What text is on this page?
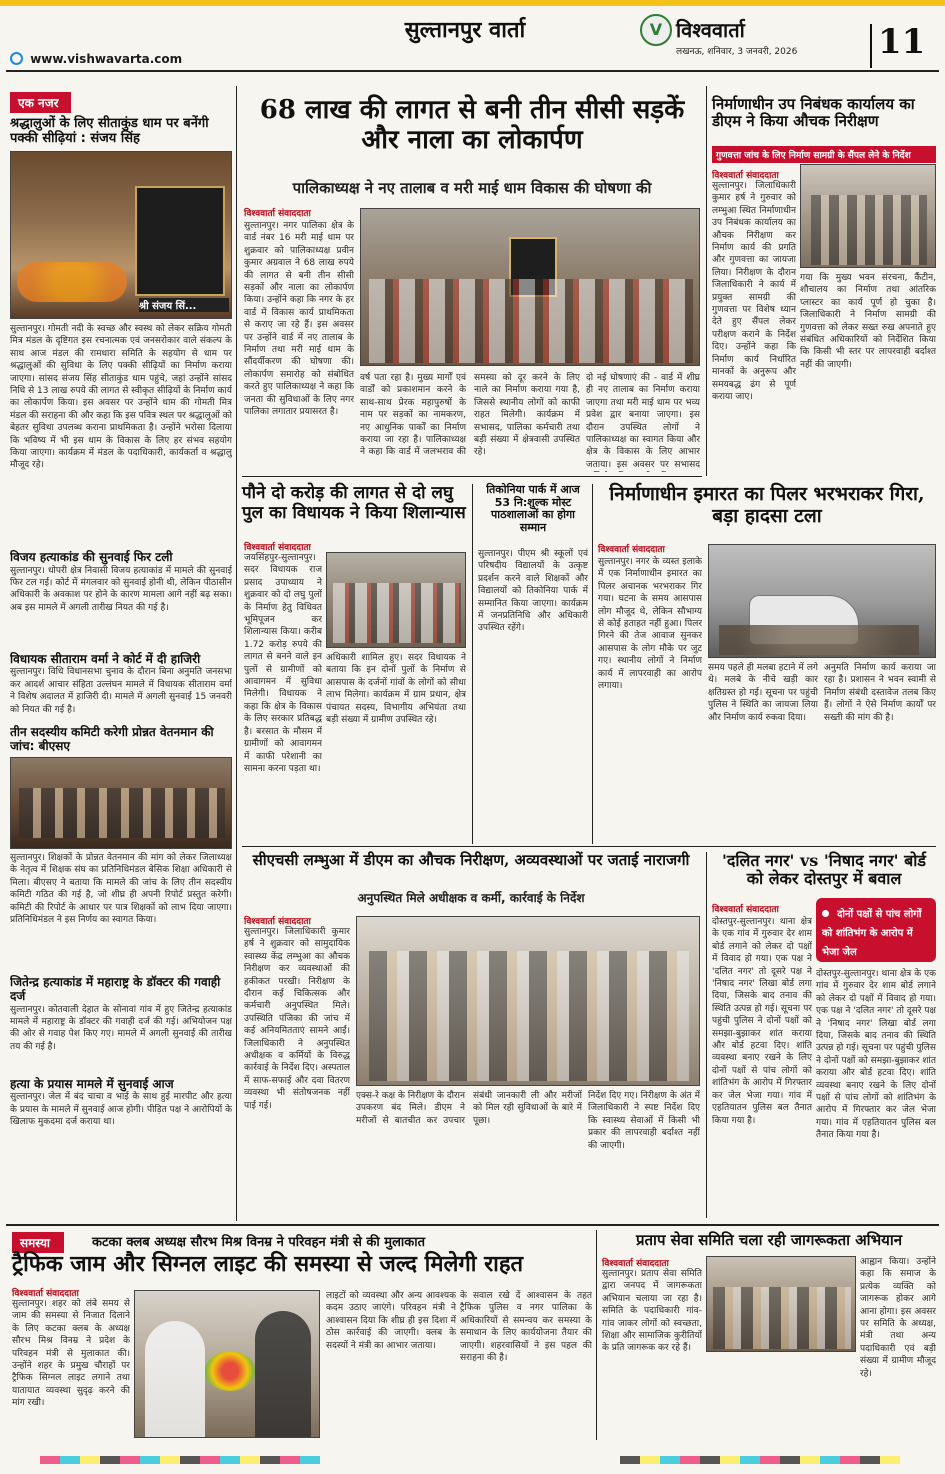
सुल्तानपुर वार्ता
www.vishwavarta.com
V विश्ववार्ता
लखनऊ, शनिवार, 3 जनवरी, 2026 11
एक नजर
श्रद्धालुओं के लिए सीताकुंड धाम पर बनेंगी पक्की सीढ़ियां : संजय सिंह
श्री संजय सिं...
सुल्तानपुर। गोमती नदी के स्वच्छ और स्वस्थ को लेकर सक्रिय गोमती मित्र मंडल के दृष्टिगत इस रचनात्मक एवं जनसरोकार वाले संकल्प के साथ आज मंडल की रामधारा समिति के सहयोग से धाम पर श्रद्धालुओं की सुविधा के लिए पक्की सीढ़ियों का निर्माण कराया जाएगा। सांसद संजय सिंह सीताकुंड धाम पहुंचे, जहां उन्होंने सांसद निधि से 13 लाख रुपये की लागत से स्वीकृत सीढ़ियों के निर्माण कार्य का लोकार्पण किया। इस अवसर पर उन्होंने धाम की गोमती मित्र मंडल की सराहना की और कहा कि इस पवित्र स्थल पर श्रद्धालुओं को बेहतर सुविधा उपलब्ध कराना प्राथमिकता है। उन्होंने भरोसा दिलाया कि भविष्य में भी इस धाम के विकास के लिए हर संभव सहयोग किया जाएगा। कार्यक्रम में मंडल के पदाधिकारी, कार्यकर्ता व श्रद्धालु मौजूद रहे।
विजय हत्याकांड की सुनवाई फिर टली
सुल्तानपुर। धोपरी क्षेत्र निवासी विजय हत्याकांड में मामले की सुनवाई फिर टल गई। कोर्ट में मंगलवार को सुनवाई होनी थी, लेकिन पीठासीन अधिकारी के अवकाश पर होने के कारण मामला आगे नहीं बढ़ सका। अब इस मामले में अगली तारीख नियत की गई है।
विधायक सीताराम वर्मा ने कोर्ट में दी हाजिरी
सुल्तानपुर। विधि विधानसभा चुनाव के दौरान बिना अनुमति जनसभा कर आदर्श आचार संहिता उल्लंघन मामले में विधायक सीताराम वर्मा ने विशेष अदालत में हाजिरी दी। मामले में अगली सुनवाई 15 जनवरी को नियत की गई है।
तीन सदस्यीय कमिटी करेगी प्रोन्नत वेतनमान की जांच: बीएसए
सुल्तानपुर। शिक्षकों के प्रोन्नत वेतनमान की मांग को लेकर जिलाध्यक्ष के नेतृत्व में शिक्षक संघ का प्रतिनिधिमंडल बेसिक शिक्षा अधिकारी से मिला। बीएसए ने बताया कि मामले की जांच के लिए तीन सदस्यीय कमिटी गठित की गई है, जो शीघ्र ही अपनी रिपोर्ट प्रस्तुत करेगी। कमिटी की रिपोर्ट के आधार पर पात्र शिक्षकों को लाभ दिया जाएगा। प्रतिनिधिमंडल ने इस निर्णय का स्वागत किया।
जितेन्द्र हत्याकांड में महाराष्ट्र के डॉक्टर की गवाही दर्ज
सुल्तानपुर। कोतवाली देहात के सोनावां गांव में हुए जितेन्द्र हत्याकांड मामले में महाराष्ट्र के डॉक्टर की गवाही दर्ज की गई। अभियोजन पक्ष की ओर से गवाह पेश किए गए। मामले में अगली सुनवाई की तारीख तय की गई है।
हत्या के प्रयास मामले में सुनवाई आज
सुल्तानपुर। जेल में बंद चाचा व भाई के साथ हुई मारपीट और हत्या के प्रयास के मामले में सुनवाई आज होगी। पीड़ित पक्ष ने आरोपियों के खिलाफ मुकदमा दर्ज कराया था।
68 लाख की लागत से बनी तीन सीसी सड़कें और नाला का लोकार्पण
पालिकाध्यक्ष ने नए तालाब व मरी माई धाम विकास की घोषणा की
विश्ववार्ता संवाददाता
सुल्तानपुर। नगर पालिका क्षेत्र के वार्ड नंबर 16 मरी माई धाम पर शुक्रवार को पालिकाध्यक्ष प्रवीन कुमार अग्रवाल ने 68 लाख रुपये की लागत से बनी तीन सीसी सड़कों और नाला का लोकार्पण किया। उन्होंने कहा कि नगर के हर वार्ड में विकास कार्य प्राथमिकता से कराए जा रहे हैं। इस अवसर पर उन्होंने वार्ड में नए तालाब के निर्माण तथा मरी माई धाम के सौंदर्यीकरण की घोषणा की। लोकार्पण समारोह को संबोधित करते हुए पालिकाध्यक्ष ने कहा कि जनता की सुविधाओं के लिए नगर पालिका लगातार प्रयासरत है।
वर्ष पता रहा है। मुख्य मार्गों एवं वार्डों को प्रकाशमान करने के साथ-साथ प्रेरक महापुरुषों के नाम पर सड़कों का नामकरण, नए आधुनिक पार्कों का निर्माण कराया जा रहा है। पालिकाध्यक्ष ने कहा कि वार्ड में जलभराव की समस्या को दूर करने के लिए नाले का निर्माण कराया गया है, जिससे स्थानीय लोगों को काफी राहत मिलेगी। कार्यक्रम में सभासद, पालिका कर्मचारी तथा बड़ी संख्या में क्षेत्रवासी उपस्थित रहे।
दो नई घोषणाएं की - वार्ड में शीघ्र ही नए तालाब का निर्माण कराया जाएगा तथा मरी माई धाम पर भव्य प्रवेश द्वार बनाया जाएगा। इस दौरान उपस्थित लोगों ने पालिकाध्यक्ष का स्वागत किया और क्षेत्र के विकास के लिए आभार जताया। इस अवसर पर सभासद
निर्माणाधीन उप निबंधक कार्यालय का डीएम ने किया औचक निरीक्षण
गुणवत्ता जांच के लिए निर्माण सामग्री के सैंपल लेने के निर्देश
विश्ववार्ता संवाददाता
सुल्तानपुर। जिलाधिकारी कुमार हर्ष ने गुरुवार को लम्भुआ स्थित निर्माणाधीन उप निबंधक कार्यालय का औचक निरीक्षण कर निर्माण कार्य की प्रगति और गुणवत्ता का जायजा लिया। निरीक्षण के दौरान जिलाधिकारी ने कार्य में प्रयुक्त सामग्री की गुणवत्ता पर विशेष ध्यान देते हुए सैंपल लेकर परीक्षण कराने के निर्देश दिए। उन्होंने कहा कि निर्माण कार्य निर्धारित मानकों के अनुरूप और समयबद्ध ढंग से पूर्ण कराया जाए।
गया कि मुख्य भवन संरचना, कैंटीन, शौचालय का निर्माण तथा आंतरिक प्लास्टर का कार्य पूर्ण हो चुका है। जिलाधिकारी ने निर्माण सामग्री की गुणवत्ता को लेकर सख्त रुख अपनाते हुए संबंधित अधिकारियों को निर्देशित किया कि किसी भी स्तर पर लापरवाही बर्दाश्त नहीं की जाएगी।
पौने दो करोड़ की लागत से दो लघु पुल का विधायक ने किया शिलान्यास
विश्ववार्ता संवाददाता
जयसिंहपुर-सुल्तानपुर। सदर विधायक राज प्रसाद उपाध्याय ने शुक्रवार को दो लघु पुलों के निर्माण हेतु विधिवत भूमिपूजन कर शिलान्यास किया। करीब 1.72 करोड़ रुपये की लागत से बनने वाले इन पुलों से ग्रामीणों को आवागमन में सुविधा मिलेगी। विधायक ने कहा कि क्षेत्र के विकास के लिए सरकार प्रतिबद्ध है। बरसात के मौसम में ग्रामीणों को आवागमन में काफी परेशानी का सामना करना पड़ता था।
अधिकारी शामिल हुए। सदर विधायक ने बताया कि इन दोनों पुलों के निर्माण से आसपास के दर्जनों गांवों के लोगों को सीधा लाभ मिलेगा। कार्यक्रम में ग्राम प्रधान, क्षेत्र पंचायत सदस्य, विभागीय अभियंता तथा बड़ी संख्या में ग्रामीण उपस्थित रहे।
तिकोनिया पार्क में आज 53 नि:शुल्क मोस्ट पाठशालाओं का होगा सम्मान
सुल्तानपुर। पीएम श्री स्कूलों एवं परिषदीय विद्यालयों के उत्कृष्ट प्रदर्शन करने वाले शिक्षकों और विद्यालयों को तिकोनिया पार्क में सम्मानित किया जाएगा। कार्यक्रम में जनप्रतिनिधि और अधिकारी उपस्थित रहेंगे।
निर्माणाधीन इमारत का पिलर भरभराकर गिरा, बड़ा हादसा टला
विश्ववार्ता संवाददाता
सुल्तानपुर। नगर के व्यस्त इलाके में एक निर्माणाधीन इमारत का पिलर अचानक भरभराकर गिर गया। घटना के समय आसपास लोग मौजूद थे, लेकिन सौभाग्य से कोई हताहत नहीं हुआ। पिलर गिरने की तेज आवाज सुनकर आसपास के लोग मौके पर जुट गए। स्थानीय लोगों ने निर्माण कार्य में लापरवाही का आरोप लगाया।
समय पहले ही मलबा हटाने में लगे थे। मलबे के नीचे खड़ी कार क्षतिग्रस्त हो गई। सूचना पर पहुंची पुलिस ने स्थिति का जायजा लिया और निर्माण कार्य रुकवा दिया।
अनुमति निर्माण कार्य कराया जा रहा है। प्रशासन ने भवन स्वामी से निर्माण संबंधी दस्तावेज तलब किए हैं। लोगों ने ऐसे निर्माण कार्यों पर सख्ती की मांग की है।
सीएचसी लम्भुआ में डीएम का औचक निरीक्षण, अव्यवस्थाओं पर जताई नाराजगी
अनुपस्थित मिले अधीक्षक व कर्मी, कार्रवाई के निर्देश
विश्ववार्ता संवाददाता
सुल्तानपुर। जिलाधिकारी कुमार हर्ष ने शुक्रवार को सामुदायिक स्वास्थ्य केंद्र लम्भुआ का औचक निरीक्षण कर व्यवस्थाओं की हकीकत परखी। निरीक्षण के दौरान कई चिकित्सक और कर्मचारी अनुपस्थित मिले। उपस्थिति पंजिका की जांच में कई अनियमितताएं सामने आईं। जिलाधिकारी ने अनुपस्थित अधीक्षक व कर्मियों के विरुद्ध कार्रवाई के निर्देश दिए। अस्पताल में साफ-सफाई और दवा वितरण व्यवस्था भी संतोषजनक नहीं पाई गई।
एक्स-रे कक्ष के निरीक्षण के दौरान उपकरण बंद मिले। डीएम ने मरीजों से बातचीत कर उपचार संबंधी जानकारी ली और मरीजों को मिल रही सुविधाओं के बारे में पूछा।
निर्देश दिए गए। निरीक्षण के अंत में जिलाधिकारी ने स्पष्ट निर्देश दिए कि स्वास्थ्य सेवाओं में किसी भी प्रकार की लापरवाही बर्दाश्त नहीं की जाएगी।
'दलित नगर' vs 'निषाद नगर' बोर्ड को लेकर दोस्तपुर में बवाल
विश्ववार्ता संवाददाता	दोनों पक्षों से पांच लोगों को शांतिभंग के आरोप में भेजा जेल
दोस्तपुर-सुल्तानपुर। थाना क्षेत्र के एक गांव में गुरुवार देर शाम बोर्ड लगाने को लेकर दो पक्षों में विवाद हो गया। एक पक्ष ने 'दलित नगर' तो दूसरे पक्ष ने 'निषाद नगर' लिखा बोर्ड लगा दिया, जिसके बाद तनाव की स्थिति उत्पन्न हो गई। सूचना पर पहुंची पुलिस ने दोनों पक्षों को समझा-बुझाकर शांत कराया और बोर्ड हटवा दिए। शांति व्यवस्था बनाए रखने के लिए दोनों पक्षों से पांच लोगों को शांतिभंग के आरोप में गिरफ्तार कर जेल भेजा गया। गांव में एहतियातन पुलिस बल तैनात किया गया है।
दोस्तपुर-सुल्तानपुर। थाना क्षेत्र के एक गांव में गुरुवार देर शाम बोर्ड लगाने को लेकर दो पक्षों में विवाद हो गया। एक पक्ष ने 'दलित नगर' तो दूसरे पक्ष ने 'निषाद नगर' लिखा बोर्ड लगा दिया, जिसके बाद तनाव की स्थिति उत्पन्न हो गई। सूचना पर पहुंची पुलिस ने दोनों पक्षों को समझा-बुझाकर शांत कराया और बोर्ड हटवा दिए। शांति व्यवस्था बनाए रखने के लिए दोनों पक्षों से पांच लोगों को शांतिभंग के आरोप में गिरफ्तार कर जेल भेजा गया। गांव में एहतियातन पुलिस बल तैनात किया गया है।
समस्या	कटका क्लब अध्यक्ष सौरभ मिश्र विनम्र ने परिवहन मंत्री से की मुलाकात
ट्रैफिक जाम और सिग्नल लाइट की समस्या से जल्द मिलेगी राहत
विश्ववार्ता संवाददाता
सुल्तानपुर। शहर को लंबे समय से जाम की समस्या से निजात दिलाने के लिए कटका क्लब के अध्यक्ष सौरभ मिश्र विनम्र ने प्रदेश के परिवहन मंत्री से मुलाकात की। उन्होंने शहर के प्रमुख चौराहों पर ट्रैफिक सिग्नल लाइट लगाने तथा यातायात व्यवस्था सुदृढ़ करने की मांग रखी।
लाइटों को व्यवस्था और अन्य आवश्यक कदम उठाए जाएंगे। परिवहन मंत्री ने आश्वासन दिया कि शीघ्र ही इस दिशा में ठोस कार्रवाई की जाएगी। क्लब के सदस्यों ने मंत्री का आभार जताया।
के सवाल रखे दें आश्वासन के तहत ट्रैफिक पुलिस व नगर पालिका के अधिकारियों से समन्वय कर समस्या के समाधान के लिए कार्ययोजना तैयार की जाएगी। शहरवासियों ने इस पहल की सराहना की है।
प्रताप सेवा समिति चला रही जागरूकता अभियान
विश्ववार्ता संवाददाता
सुल्तानपुर। प्रताप सेवा समिति द्वारा जनपद में जागरूकता अभियान चलाया जा रहा है। समिति के पदाधिकारी गांव-गांव जाकर लोगों को स्वच्छता, शिक्षा और सामाजिक कुरीतियों के प्रति जागरूक कर रहे हैं।
आह्वान किया। उन्होंने कहा कि समाज के प्रत्येक व्यक्ति को जागरूक होकर आगे आना होगा। इस अवसर पर समिति के अध्यक्ष, मंत्री तथा अन्य पदाधिकारी एवं बड़ी संख्या में ग्रामीण मौजूद रहे।
